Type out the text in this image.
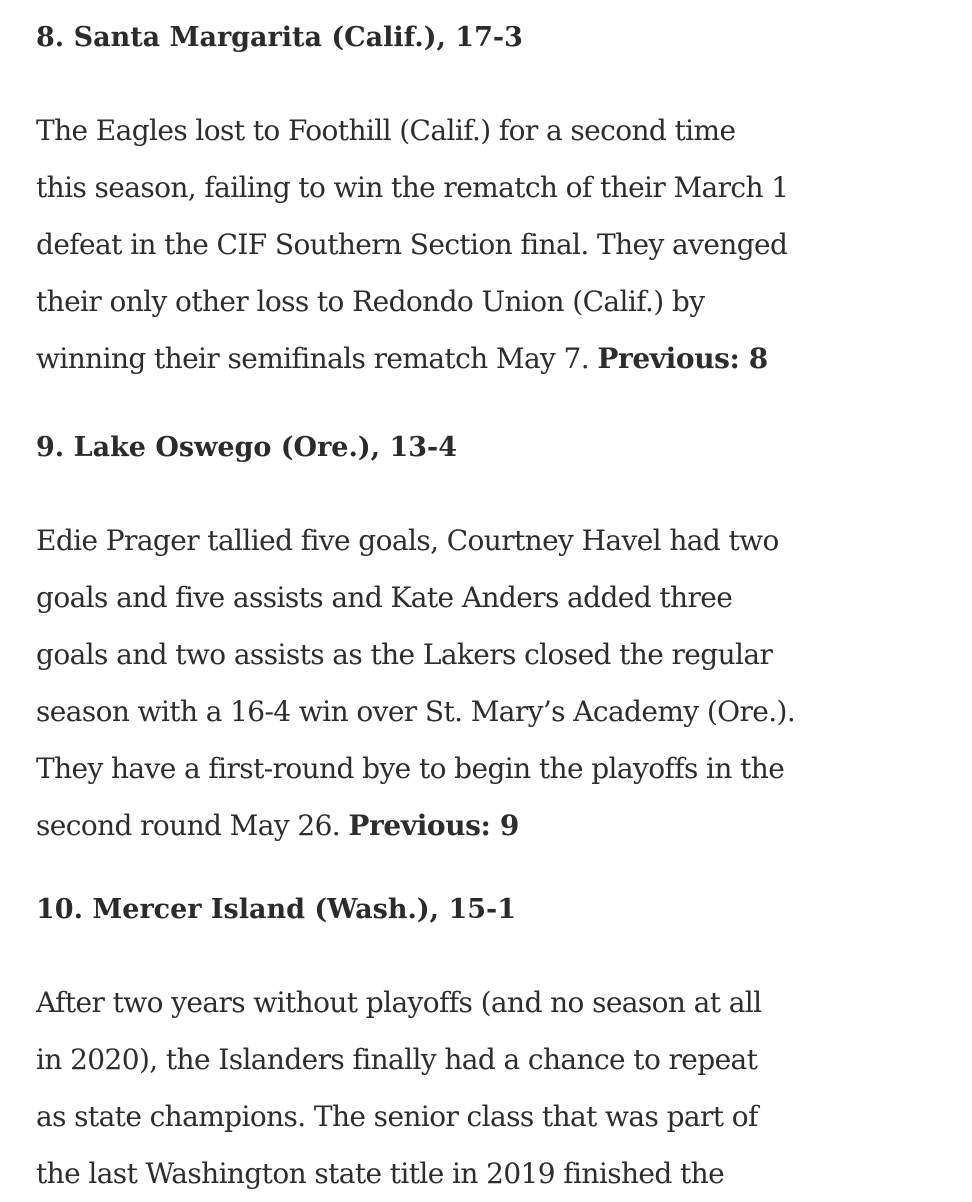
8. Santa Margarita (Calif.), 17-3

The Eagles lost to Foothill (Calif.) for a second time
this season, failing to win the rematch of their March 1
defeat in the CIF Southern Section final. They avenged
their only other loss to Redondo Union (Calif.) by
winning their semifinals rematch May 7. Previous: 8

9. Lake Oswego (Ore.), 13-4

Edie Prager tallied five goals, Courtney Havel had two
goals and five assists and Kate Anders added three
goals and two assists as the Lakers closed the regular
season with a 16-4 win over St. Mary’s Academy (Ore.).
They have a first-round bye to begin the playoffs in the
second round May 26. Previous: 9

10. Mercer Island (Wash.), 15-1

After two years without playoffs (and no season at all
in 2020), the Islanders finally had a chance to repeat
as state champions. The senior class that was part of
the last Washington state title in 2019 finished the
